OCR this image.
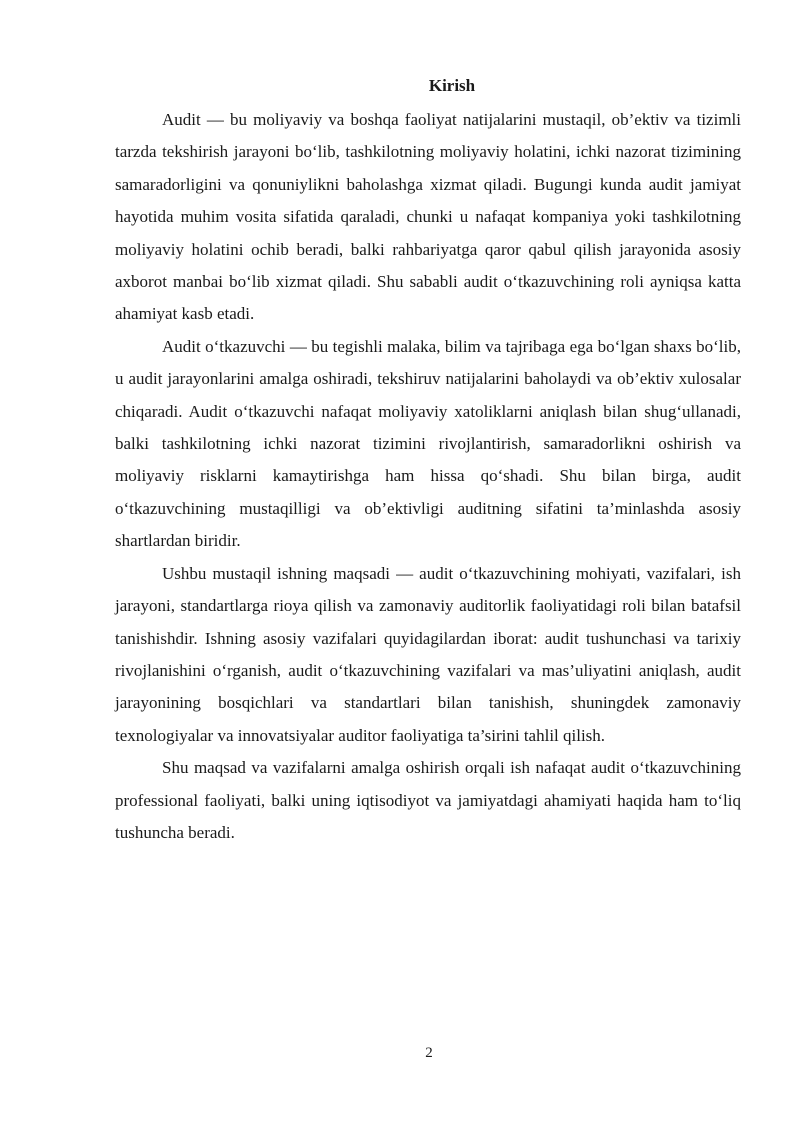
Kirish

Audit — bu moliyaviy va boshqa faoliyat natijalarini mustaqil, ob’ektiv va tizimli tarzda tekshirish jarayoni bo‘lib, tashkilotning moliyaviy holatini, ichki nazorat tizimining samaradorligini va qonuniylikni baholashga xizmat qiladi. Bugungi kunda audit jamiyat hayotida muhim vosita sifatida qaraladi, chunki u nafaqat kompaniya yoki tashkilotning moliyaviy holatini ochib beradi, balki rahbariyatga qaror qabul qilish jarayonida asosiy axborot manbai bo‘lib xizmat qiladi. Shu sababli audit o‘tkazuvchining roli ayniqsa katta ahamiyat kasb etadi.

Audit o‘tkazuvchi — bu tegishli malaka, bilim va tajribaga ega bo‘lgan shaxs bo‘lib, u audit jarayonlarini amalga oshiradi, tekshiruv natijalarini baholaydi va ob’ektiv xulosalar chiqaradi. Audit o‘tkazuvchi nafaqat moliyaviy xatoliklarni aniqlash bilan shug‘ullanadi, balki tashkilotning ichki nazorat tizimini rivojlantirish, samaradorlikni oshirish va moliyaviy risklarni kamaytirishga ham hissa qo‘shadi. Shu bilan birga, audit o‘tkazuvchining mustaqilligi va ob’ektivligi auditning sifatini ta’minlashda asosiy shartlardan biridir.

Ushbu mustaqil ishning maqsadi — audit o‘tkazuvchining mohiyati, vazifalari, ish jarayoni, standartlarga rioya qilish va zamonaviy auditorlik faoliyatidagi roli bilan batafsil tanishishdir. Ishning asosiy vazifalari quyidagilardan iborat: audit tushunchasi va tarixiy rivojlanishini o‘rganish, audit o‘tkazuvchining vazifalari va mas’uliyatini aniqlash, audit jarayonining bosqichlari va standartlari bilan tanishish, shuningdek zamonaviy texnologiyalar va innovatsiyalar auditor faoliyatiga ta’sirini tahlil qilish.

Shu maqsad va vazifalarni amalga oshirish orqali ish nafaqat audit o‘tkazuvchining professional faoliyati, balki uning iqtisodiyot va jamiyatdagi ahamiyati haqida ham to‘liq tushuncha beradi.

2
